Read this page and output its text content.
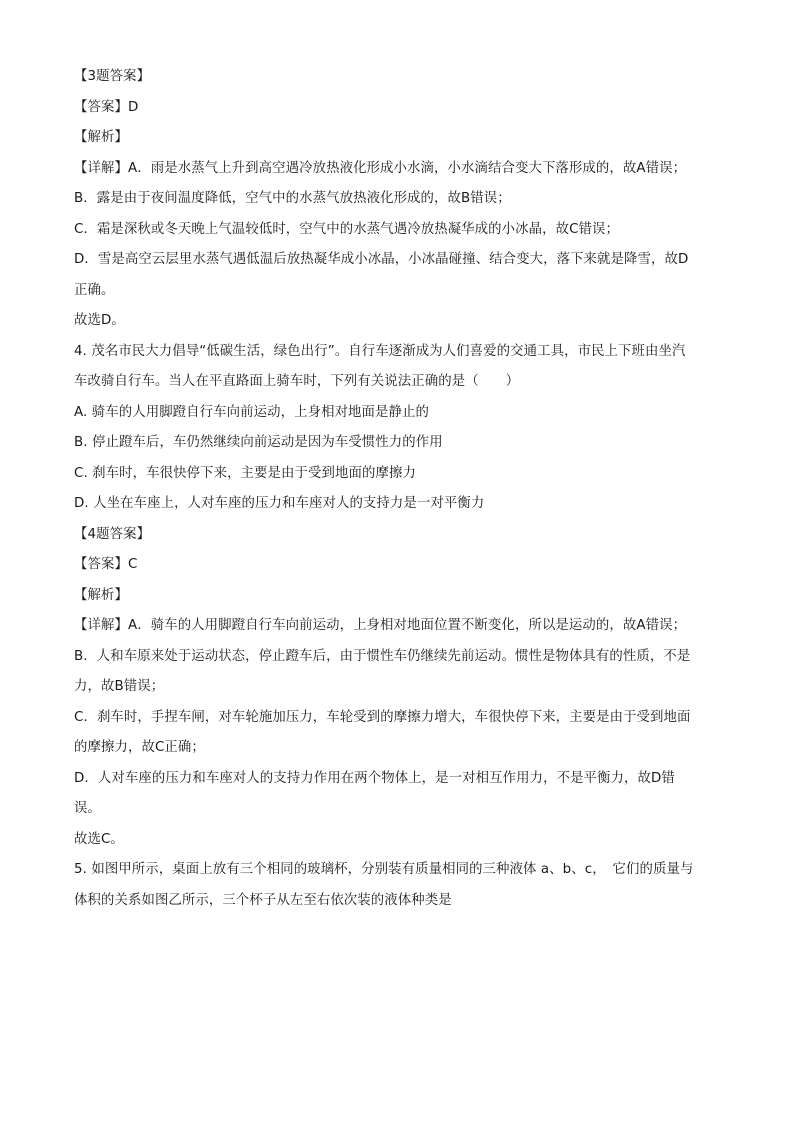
【3题答案】
【答案】D
【解析】
【详解】A．雨是水蒸气上升到高空遇冷放热液化形成小水滴，小水滴结合变大下落形成的，故A错误；
B．露是由于夜间温度降低，空气中的水蒸气放热液化形成的，故B错误；
C．霜是深秋或冬天晚上气温较低时，空气中的水蒸气遇冷放热凝华成的小冰晶，故C错误；
D．雪是高空云层里水蒸气遇低温后放热凝华成小冰晶，小冰晶碰撞、结合变大，落下来就是降雪，故D
正确。
故选D。
4. 茂名市民大力倡导“低碳生活，绿色出行”。自行车逐渐成为人们喜爱的交通工具，市民上下班由坐汽
车改骑自行车。当人在平直路面上骑车时，下列有关说法正确的是（　　）
A. 骑车的人用脚蹬自行车向前运动，上身相对地面是静止的
B. 停止蹬车后，车仍然继续向前运动是因为车受惯性力的作用
C. 刹车时，车很快停下来，主要是由于受到地面的摩擦力
D. 人坐在车座上，人对车座的压力和车座对人的支持力是一对平衡力
【4题答案】
【答案】C
【解析】
【详解】A．骑车的人用脚蹬自行车向前运动，上身相对地面位置不断变化，所以是运动的，故A错误；
B．人和车原来处于运动状态，停止蹬车后，由于惯性车仍继续先前运动。惯性是物体具有的性质，不是
力，故B错误；
C．刹车时，手捏车闸，对车轮施加压力，车轮受到的摩擦力增大，车很快停下来，主要是由于受到地面
的摩擦力，故C正确；
D．人对车座的压力和车座对人的支持力作用在两个物体上，是一对相互作用力，不是平衡力，故D错
误。
故选C。
5. 如图甲所示，桌面上放有三个相同的玻璃杯，分别装有质量相同的三种液体 a、b、c，　它们的质量与
体积的关系如图乙所示，三个杯子从左至右依次装的液体种类是
